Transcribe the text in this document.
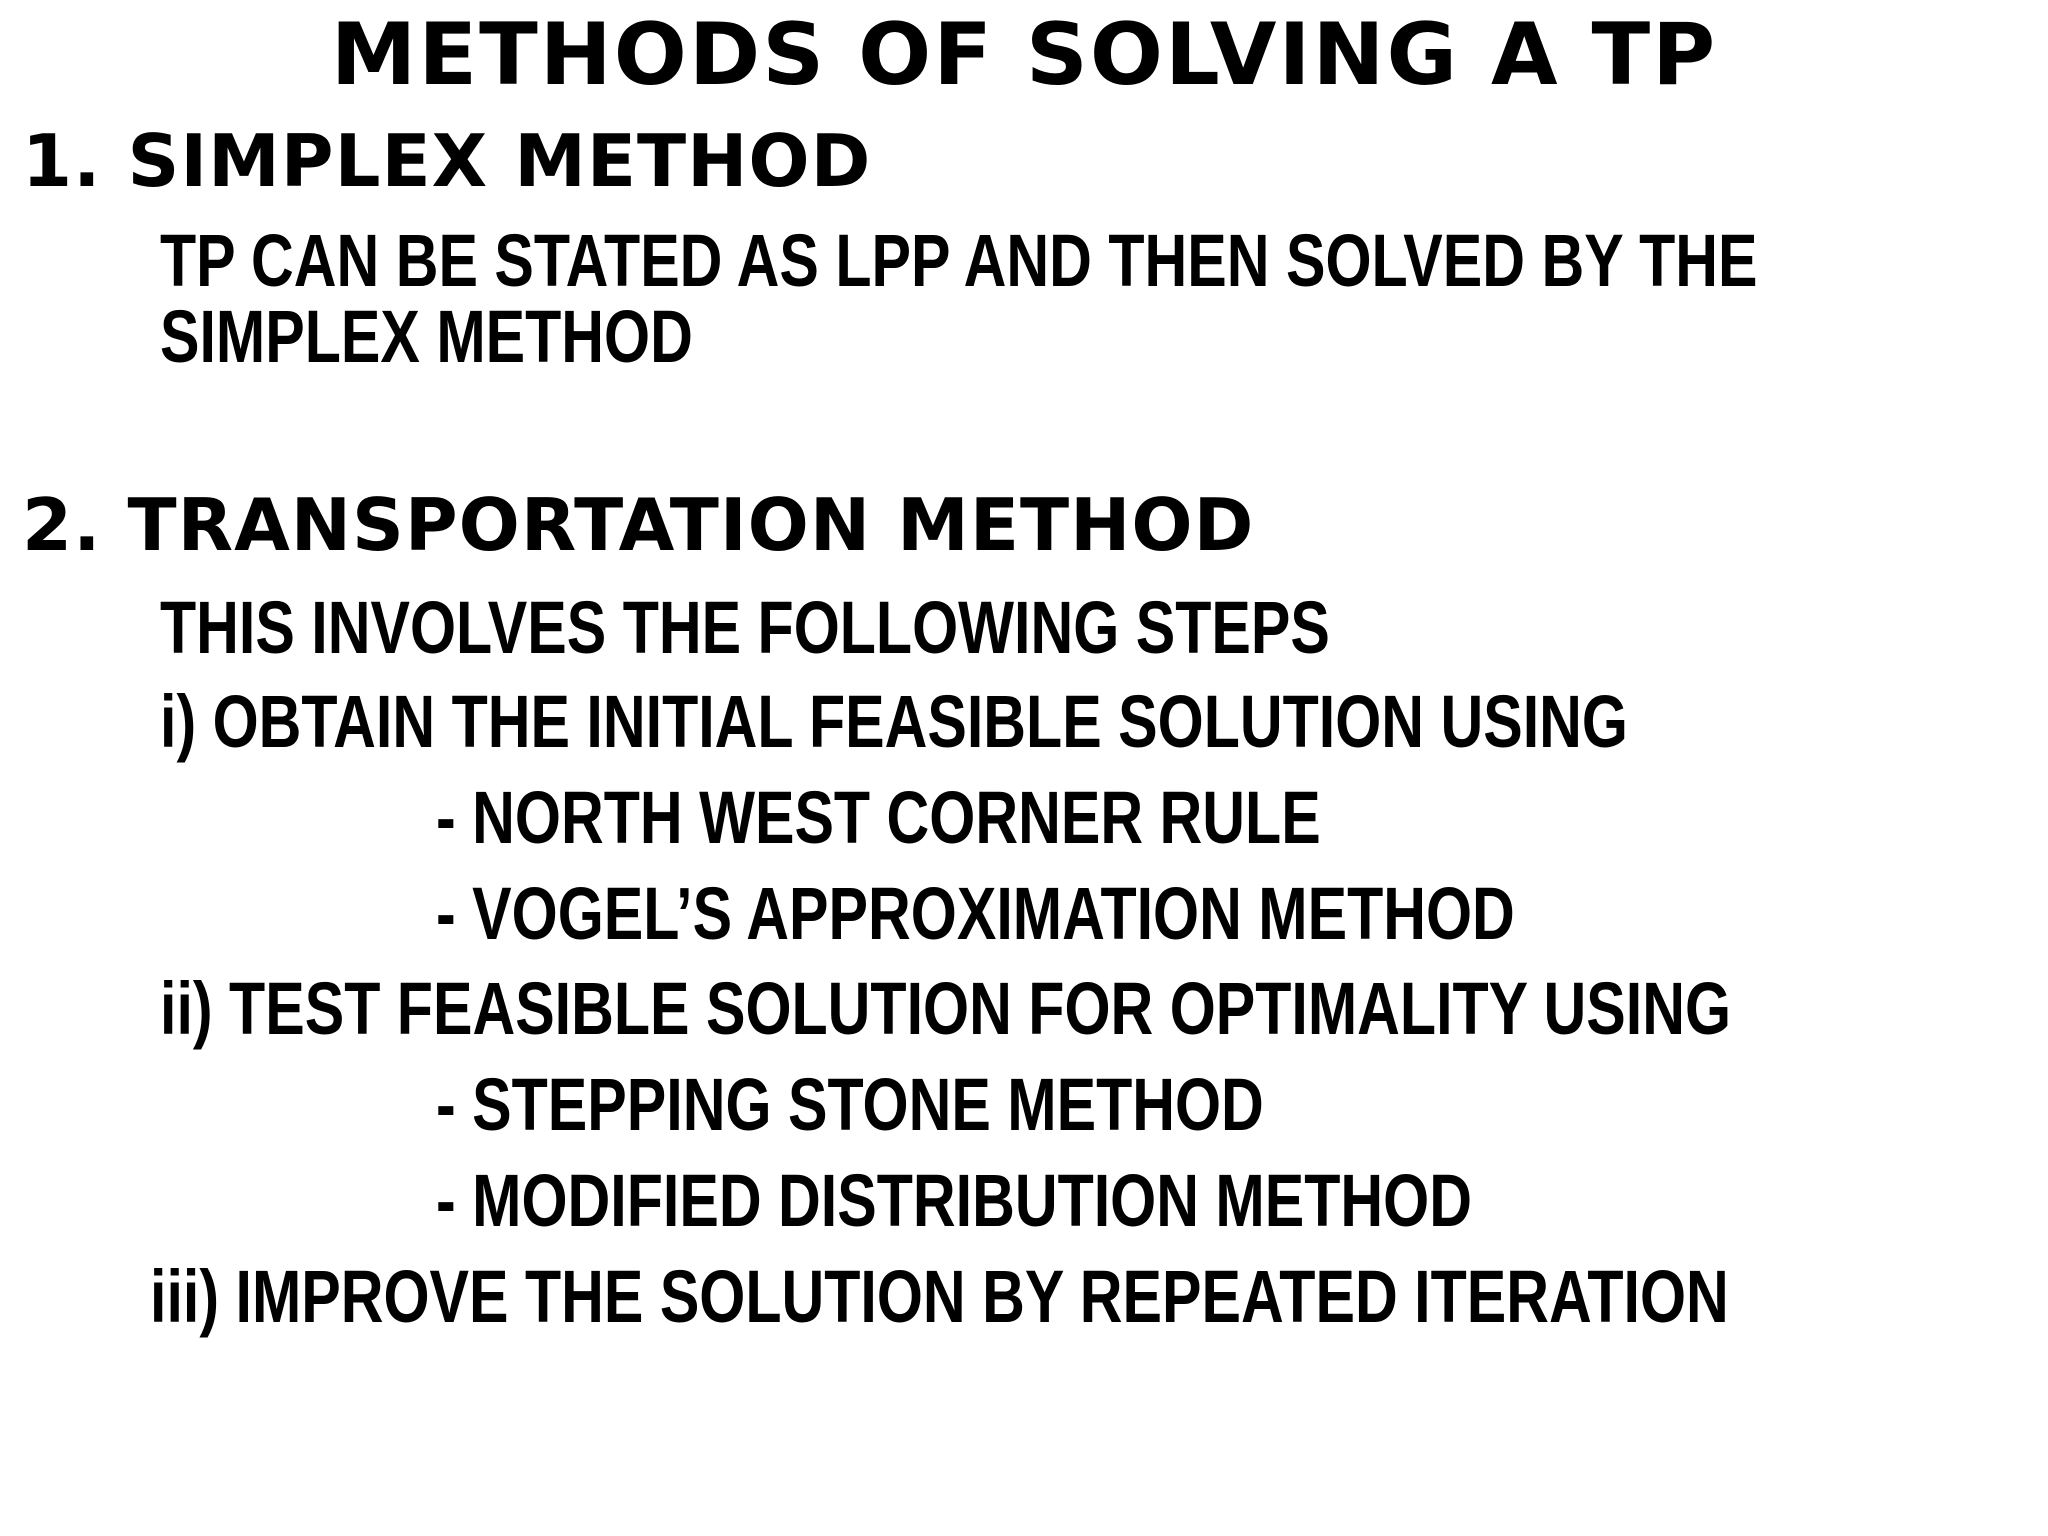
METHODS OF SOLVING A TP
1. SIMPLEX METHOD
TP CAN BE STATED AS LPP AND THEN SOLVED BY THE
SIMPLEX METHOD
2. TRANSPORTATION METHOD
THIS INVOLVES THE FOLLOWING STEPS
i) OBTAIN THE INITIAL FEASIBLE SOLUTION USING
- NORTH WEST CORNER RULE
- VOGEL’S APPROXIMATION METHOD
ii) TEST FEASIBLE SOLUTION FOR OPTIMALITY USING
- STEPPING STONE METHOD
- MODIFIED DISTRIBUTION METHOD
iii) IMPROVE THE SOLUTION BY REPEATED ITERATION
